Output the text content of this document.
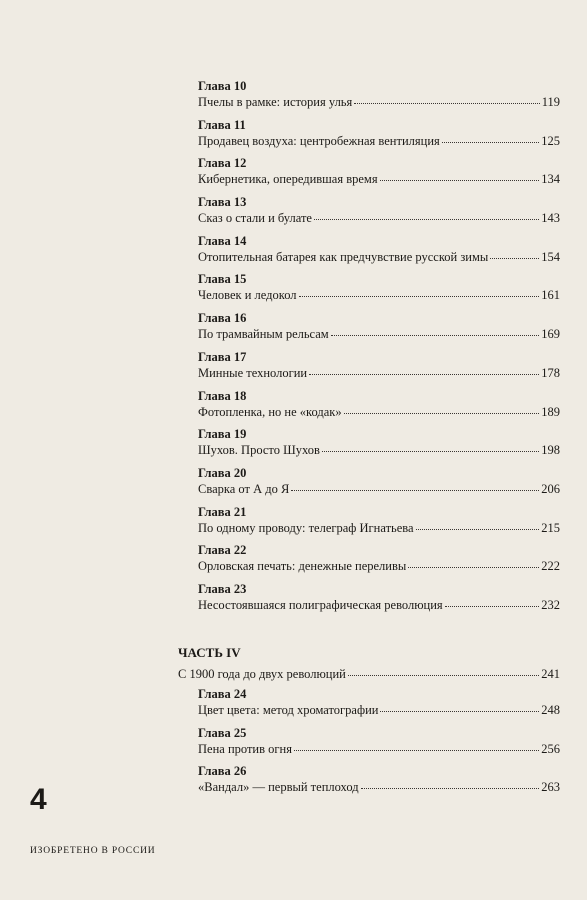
Глава 10
Пчелы в рамке: история улья	119
Глава 11
Продавец воздуха: центробежная вентиляция	125
Глава 12
Кибернетика, опередившая время	134
Глава 13
Сказ о стали и булате	143
Глава 14
Отопительная батарея как предчувствие русской зимы	154
Глава 15
Человек и ледокол	161
Глава 16
По трамвайным рельсам	169
Глава 17
Минные технологии	178
Глава 18
Фотопленка, но не «кодак»	189
Глава 19
Шухов. Просто Шухов	198
Глава 20
Сварка от А до Я	206
Глава 21
По одному проводу: телеграф Игнатьева	215
Глава 22
Орловская печать: денежные переливы	222
Глава 23
Несостоявшаяся полиграфическая революция	232
ЧАСТЬ IV
С 1900 года до двух революций	241
Глава 24
Цвет цвета: метод хроматографии	248
Глава 25
Пена против огня	256
Глава 26
«Вандал» — первый теплоход	263
4
ИЗОБРЕТЕНО В РОССИИ
